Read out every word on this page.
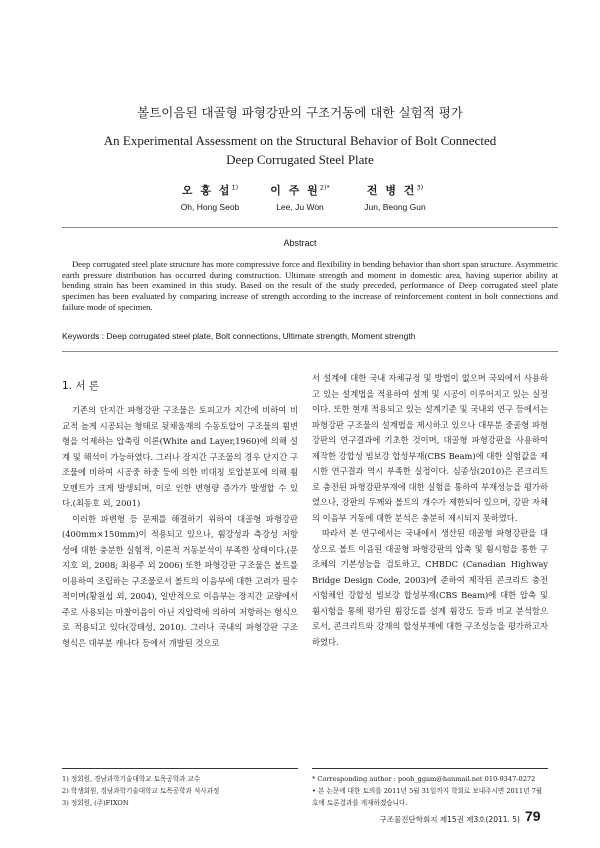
볼트이음된 대골형 파형강판의 구조거동에 대한 실험적 평가
An Experimental Assessment on the Structural Behavior of Bolt Connected
Deep Corrugated Steel Plate
오 홍 섭$^{1)}$
Oh, Hong Seob
이 주 원$^{2)*}$
Lee, Ju Won
전 병 건$^{3)}$
Jun, Beong Gun
Abstract
Deep corrugated steel plate structure has more compressive force and flexibility in bending behavior than short span structure. Asymmetric earth pressure distribution has occurred during construction. Ultimate strength and moment in domestic area, having superior ability at bending strain has been examined in this study. Based on the result of the study preceded, performance of Deep corrugated steel plate specimen has been evaluated by comparing increase of strength according to the increase of reinforcement content in bolt connections and failure mode of specimen.
Keywords : Deep corrugated steel plate, Bolt connections, Ultimate strength, Moment strength
1. 서 론

기존의 단지간 파형강판 구조물은 토피고가 지간에 비하여 비교적 높게 시공되는 형태로 뒷채움재의 수동토압이 구조물의 휨변형을 억제하는 압축링 이론(White and Layer,1960)에 의해 설계 및 해석이 가능하였다. 그러나 장지간 구조물의 경우 단지간 구조물에 비하여 시공중 하중 등에 의한 비대칭 토압분포에 의해 휨모멘트가 크게 발생되며, 이로 인한 변형량 증가가 발생할 수 있다.(최동호 외, 2001)

이러한 파변형 등 문제를 해결하기 위하여 대골형 파형강판(400mm×150mm)이 적용되고 있으나, 휨강성과 측강성 저항성에 대한 충분한 실험적, 이론적 거동분석이 부족한 상태이다.(문지호 외, 2008; 최용주 외 2006) 또한 파형강판 구조물은 볼트를 이용하여 조립하는 구조물로서 볼트의 이음부에 대한 고려가 필수적이며(황원섭 외, 2004), 일반적으로 이음부는 장지간 교량에서 주로 사용되는 마찰이음이 아닌 지압력에 의하여 저항하는 형식으로 적용되고 있다(강태성, 2010). 그러나 국내의 파형강판 구조 형식은 대부분 캐나다 등에서 개발된 것으로

서 설계에 대한 국내 자체규정 및 방법이 없으며 국외에서 사용하고 있는 설계법을 적용하여 설계 및 시공이 이루어지고 있는 실정이다. 또한 현재 적용되고 있는 설계기준 및 국내외 연구 등에서는 파형강판 구조물의 설계법을 제시하고 있으나 대부분 중골형 파형강판의 연구결과에 기초한 것이며, 대골형 파형강판을 사용하여 제작한 강합성 빔보강 합성부재(CBS Beam)에 대한 실험값을 제시한 연구결과 역시 부족한 실정이다. 심종성(2010)은 콘크리트로 충전된 파형강판부재에 대한 실험을 통하여 부재성능을 평가하였으나, 강판의 두께와 볼트의 개수가 제한되어 있으며, 강판 자체의 이음부 거동에 대한 분석은 충분히 제시되지 못하였다.

따라서 본 연구에서는 국내에서 생산된 대골형 파형강판을 대상으로 볼트 이음된 대골형 파형강판의 압축 및 휨시험을 통한 구조체의 기본성능을 검토하고, CHBDC (Canadian Highway Bridge Design Code, 2003)에 준하여 제작된 콘크리트 충전 시험체인 강합성 빔보강 합성부재(CBS Beam)에 대한 압축 및 휨시험을 통해 평가된 휨강도를 설계 휨강도 등과 비교 분석함으로서, 콘크리트와 강재의 합성부재에 대한 구조성능을 평가하고자 하였다.

1) 정회원, 경남과학기술대학교 토목공학과 교수
2) 학생회원, 경남과학기술대학교 토목공학과 석사과정
3) 정회원, (주)FIXON
* Corresponding author : pooh_ggam@hanmail.net 010-9347-0272
• 본 논문에 대한 토의를 2011년 5월 31일까지 학회로 보내주시면 2011년 7월호에 토론결과를 게재하겠습니다.
구조물진단학회지 제15권 제3호(2011. 5) 79
